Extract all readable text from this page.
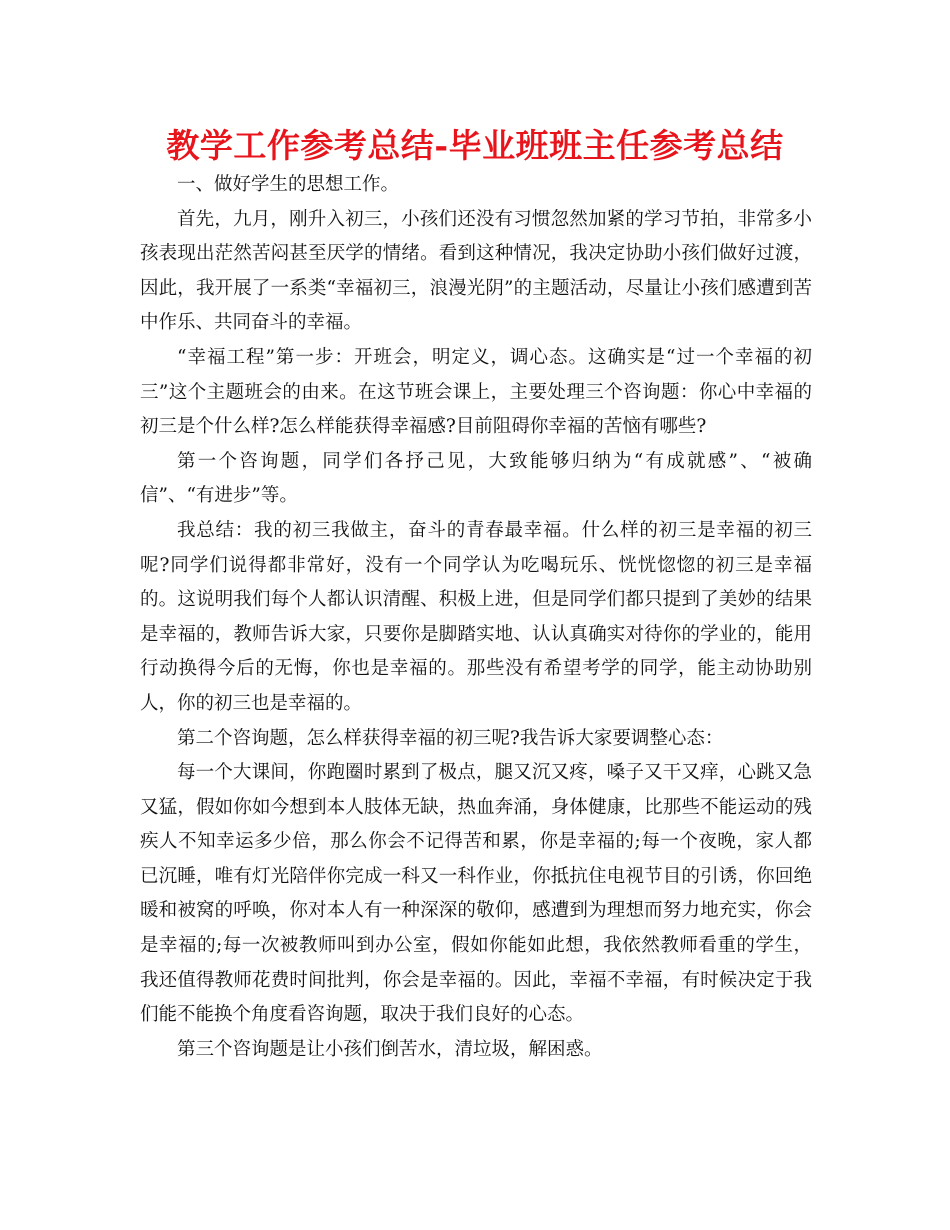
教学工作参考总结-毕业班班主任参考总结

一、做好学生的思想工作。

首先，九月，刚升入初三，小孩们还没有习惯忽然加紧的学习节拍，非常多小孩表现出茫然苦闷甚至厌学的情绪。看到这种情况，我决定协助小孩们做好过渡，因此，我开展了一系类“幸福初三，浪漫光阴”的主题活动，尽量让小孩们感遭到苦中作乐、共同奋斗的幸福。

“幸福工程”第一步：开班会，明定义，调心态。这确实是“过一个幸福的初三”这个主题班会的由来。在这节班会课上，主要处理三个咨询题：你心中幸福的初三是个什么样?怎么样能获得幸福感?目前阻碍你幸福的苦恼有哪些?

第一个咨询题，同学们各抒己见，大致能够归纳为“有成就感”、“被确信”、“有进步”等。

我总结：我的初三我做主，奋斗的青春最幸福。什么样的初三是幸福的初三呢?同学们说得都非常好，没有一个同学认为吃喝玩乐、恍恍惚惚的初三是幸福的。这说明我们每个人都认识清醒、积极上进，但是同学们都只提到了美妙的结果是幸福的，教师告诉大家，只要你是脚踏实地、认认真确实对待你的学业的，能用行动换得今后的无悔，你也是幸福的。那些没有希望考学的同学，能主动协助别人，你的初三也是幸福的。

第二个咨询题，怎么样获得幸福的初三呢?我告诉大家要调整心态：

每一个大课间，你跑圈时累到了极点，腿又沉又疼，嗓子又干又痒，心跳又急又猛，假如你如今想到本人肢体无缺，热血奔涌，身体健康，比那些不能运动的残疾人不知幸运多少倍，那么你会不记得苦和累，你是幸福的;每一个夜晚，家人都已沉睡，唯有灯光陪伴你完成一科又一科作业，你抵抗住电视节目的引诱，你回绝暖和被窝的呼唤，你对本人有一种深深的敬仰，感遭到为理想而努力地充实，你会是幸福的;每一次被教师叫到办公室，假如你能如此想，我依然教师看重的学生，我还值得教师花费时间批判，你会是幸福的。因此，幸福不幸福，有时候决定于我们能不能换个角度看咨询题，取决于我们良好的心态。

第三个咨询题是让小孩们倒苦水，清垃圾，解困惑。
